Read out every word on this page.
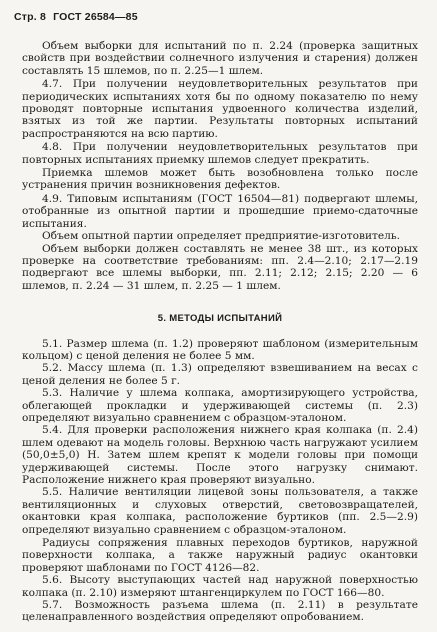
Стр. 8 ГОСТ 26584—85

Объем выборки для испытаний по п. 2.24 (проверка защитных свойств при воздействии солнечного излучения и старения) должен составлять 15 шлемов, по п. 2.25—1 шлем.

4.7. При получении неудовлетворительных результатов при периодических испытаниях хотя бы по одному показателю по нему проводят повторные испытания удвоенного количества изделий, взятых из той же партии. Результаты повторных испытаний распространяются на всю партию.

4.8. При получении неудовлетворительных результатов при повторных испытаниях приемку шлемов следует прекратить.

Приемка шлемов может быть возобновлена только после устранения причин возникновения дефектов.

4.9. Типовым испытаниям (ГОСТ 16504—81) подвергают шлемы, отобранные из опытной партии и прошедшие приемо-сдаточные испытания.

Объем опытной партии определяет предприятие-изготовитель.

Объем выборки должен составлять не менее 38 шт., из которых проверке на соответствие требованиям: пп. 2.4—2.10; 2.17—2.19 подвергают все шлемы выборки, пп. 2.11; 2.12; 2.15; 2.20 — 6 шлемов, п. 2.24 — 31 шлем, п. 2.25 — 1 шлем.

5. МЕТОДЫ ИСПЫТАНИЙ

5.1. Размер шлема (п. 1.2) проверяют шаблоном (измерительным кольцом) с ценой деления не более 5 мм.

5.2. Массу шлема (п. 1.3) определяют взвешиванием на весах с ценой деления не более 5 г.

5.3. Наличие у шлема колпака, амортизирующего устройства, облегающей прокладки и удерживающей системы (п. 2.3) определяют визуально сравнением с образцом-эталоном.

5.4. Для проверки расположения нижнего края колпака (п. 2.4) шлем одевают на модель головы. Верхнюю часть нагружают усилием (50,0±5,0) Н. Затем шлем крепят к модели головы при помощи удерживающей системы. После этого нагрузку снимают. Расположение нижнего края проверяют визуально.

5.5. Наличие вентиляции лицевой зоны пользователя, а также вентиляционных и слуховых отверстий, световозвращателей, окантовки края колпака, расположение буртиков (пп. 2.5—2.9) определяют визуально сравнением с образцом-эталоном.

Радиусы сопряжения плавных переходов буртиков, наружной поверхности колпака, а также наружный радиус окантовки проверяют шаблонами по ГОСТ 4126—82.

5.6. Высоту выступающих частей над наружной поверхностью колпака (п. 2.10) измеряют штангенциркулем по ГОСТ 166—80.

5.7. Возможность разъема шлема (п. 2.11) в результате целенаправленного воздействия определяют опробованием.
